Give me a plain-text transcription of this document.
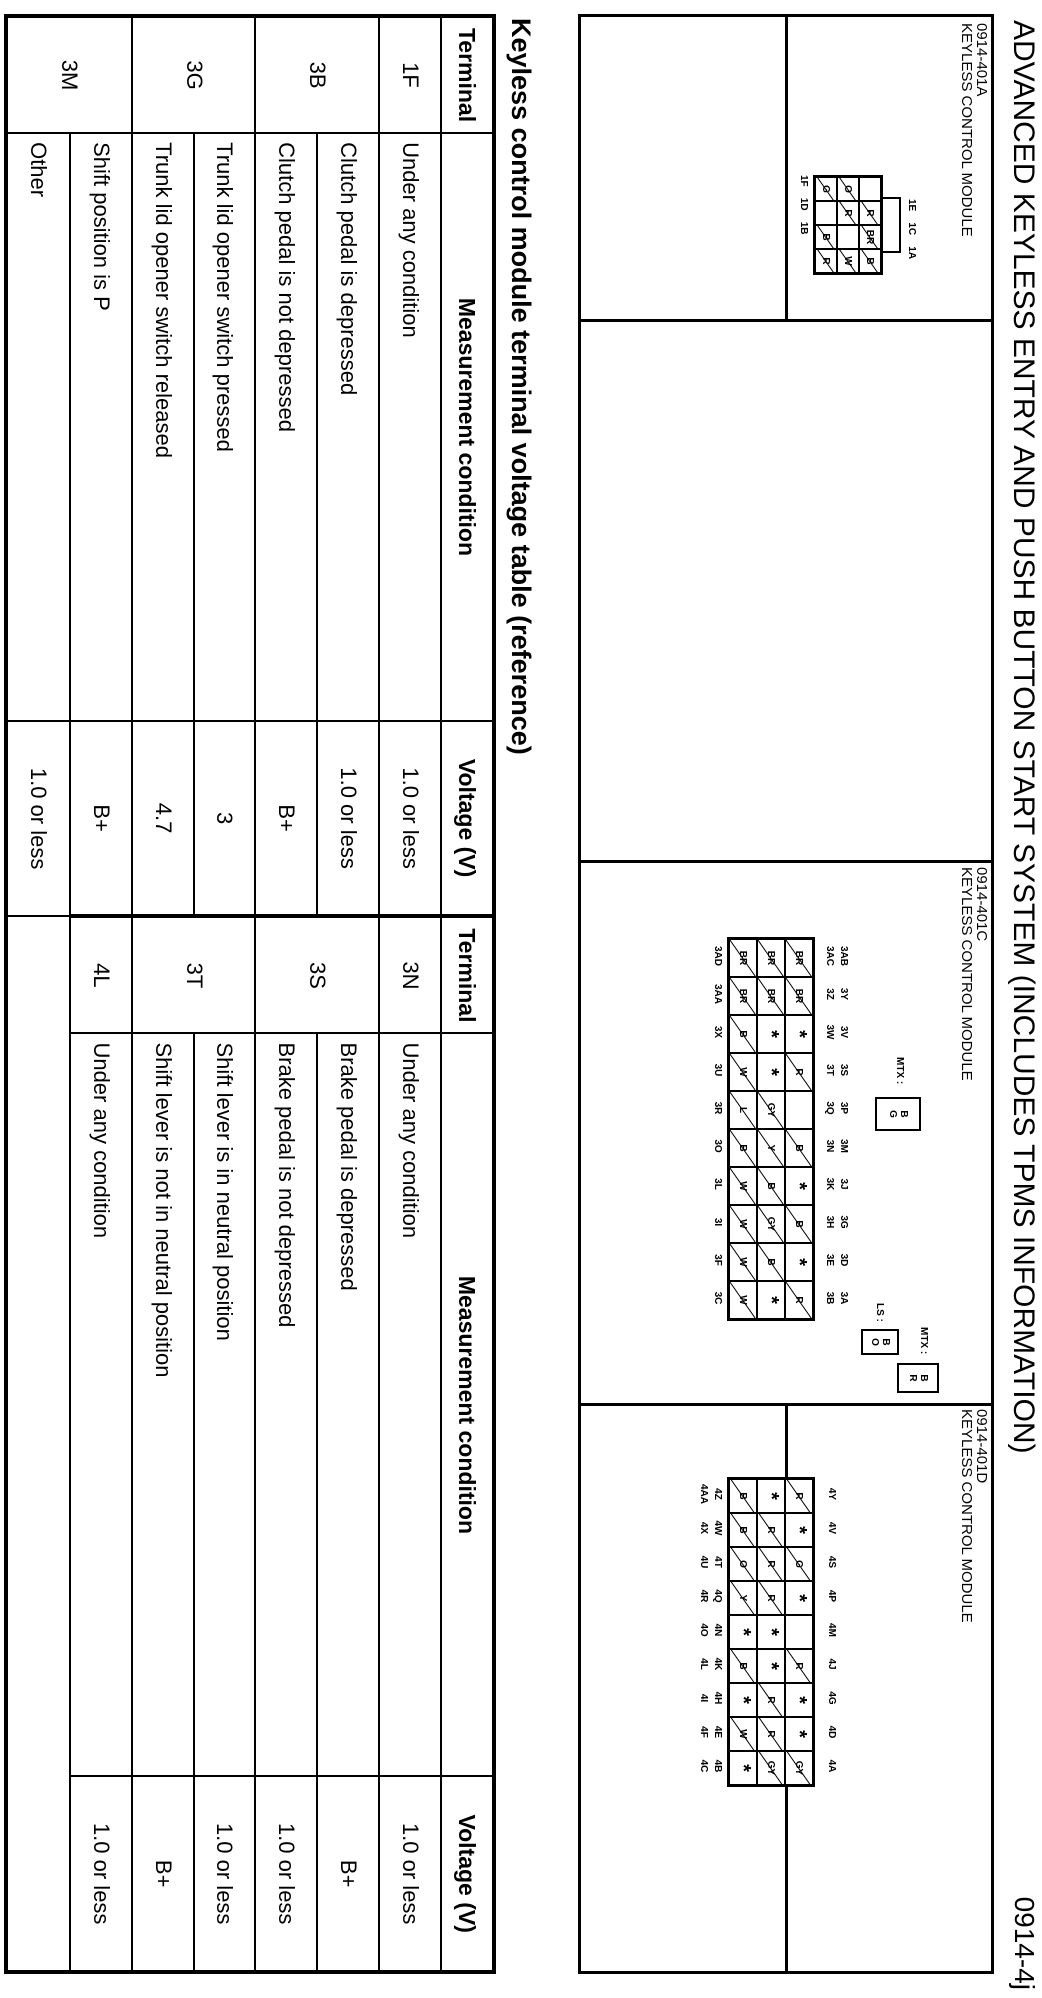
ADVANCED KEYLESS ENTRY AND PUSH BUTTON START SYSTEM (INCLUDES TPMS INFORMATION)
0914-4j
0914-401A
KEYLESS CONTROL MODULE
1E    1C    1A
R
BR
B
O
R
W
G
B
R
1F    1D    1B
0914-401C
KEYLESS CONTROL MODULE
MTX :
B
G
LS :
B
O	MTX :
B
R
3AB
3Y
3V
3S
3P
3M
3J
3G
3D
3A
3AC
3Z
3W
3T
3Q
3N
3K
3H
3E
3B
BR
BR
*
R
B
*
B
*
R
BR
BR
*
*
GY
Y
B
GY
B
*
BR
BR
B
W
L
B
W
W
W
W
3AD
3AA
3X
3U
3R
3O
3L
3I
3F
3C
0914-401D
KEYLESS CONTROL MODULE
4Y
4V
4S
4P
4M
4J
4G
4D
4A
R
*
G
*
R
*
*
GY
*
R
R
R
*
*
R
R
GY
B
B
O
Y
*
B
*
W
*
4Z
4W
4T
4Q
4N
4K
4H
4E
4B
4AA
4X
4U
4R
4O
4L
4I
4F
4C
Keyless control module terminal voltage table (reference)
Terminal	Measurement condition	Voltage (V)	Terminal	Measurement condition	Voltage (V)
1F	Under any condition	1.0 or less	3N	Under any condition	1.0 or less
3B	Clutch pedal is depressed	1.0 or less	3S	Brake pedal is depressed	B+
	Clutch pedal is not depressed	B+		Brake pedal is not depressed	1.0 or less
3G	Trunk lid opener switch pressed	3	3T	Shift lever is in neutral position	1.0 or less
	Trunk lid opener switch released	4.7		Shift lever is not in neutral position	B+
3M	Shift position is P	B+	4L	Under any condition	1.0 or less
	Other	1.0 or less			
